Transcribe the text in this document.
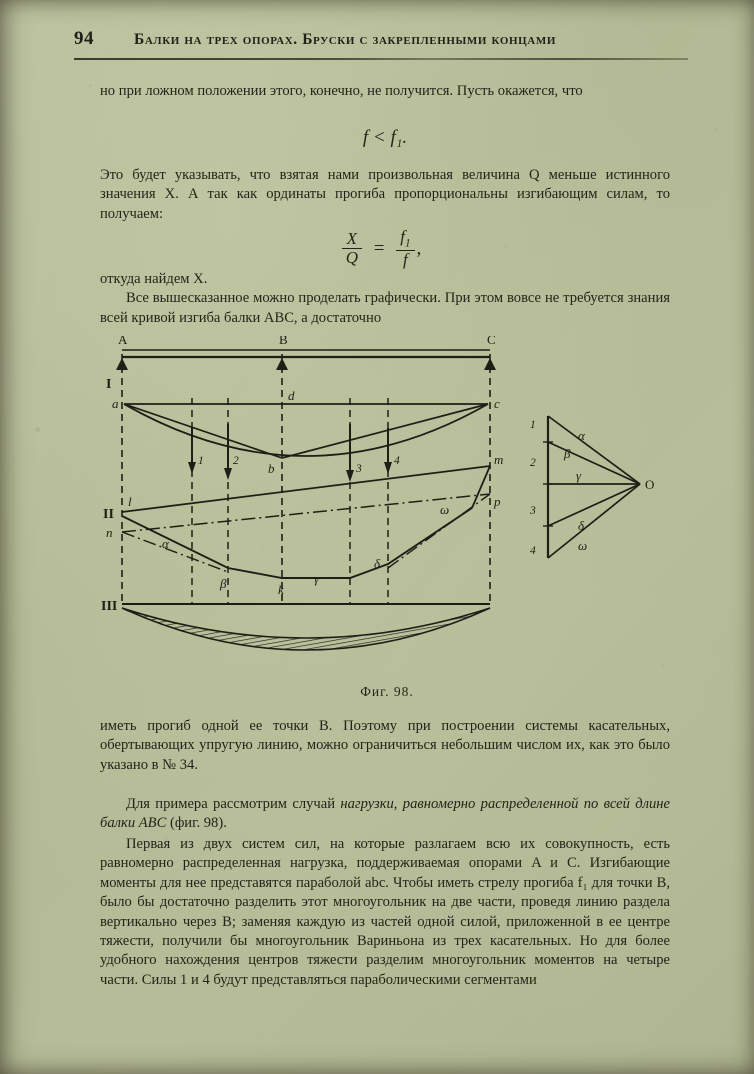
94	Балки на трех опорах. Бруски с закрепленными концами

но при ложном положении этого, конечно, не получится. Пусть окажется, что

f < f₁.

Это будет указывать, что взятая нами произвольная величина Q меньше истинного значения X. А так как ординаты прогиба пропорциональны изгибающим силам, то получаем:

$\frac{X}{Q} = \frac{f_1}{f}$ ,

откуда найдем X.

Все вышесказанное можно проделать графически. При этом вовсе не требуется знания всей кривой изгиба балки ABC, а достаточно

A	B	C
I
II
III
a
d
c
b
1	2
3
4
l
n
m
p
k
α
β	γ
δ
ω
O
1
2
3
4
α
β
γ
δ
ω
Фиг. 98.

иметь прогиб одной ее точки B. Поэтому при построении системы касательных, обертывающих упругую линию, можно ограничиться небольшим числом их, как это было указано в № 34.

Для примера рассмотрим случай нагрузки, равномерно распределенной по всей длине балки ABC (фиг. 98).

Первая из двух систем сил, на которые разлагаем всю их совокупность, есть равномерно распределенная нагрузка, поддерживаемая опорами A и C. Изгибающие моменты для нее представятся параболой abc. Чтобы иметь стрелу прогиба f₁ для точки B, было бы достаточно разделить этот многоугольник на две части, проведя линию раздела вертикально через B; заменяя каждую из частей одной силой, приложенной в ее центре тяжести, получили бы многоугольник Вариньона из трех касательных. Но для более удобного нахождения центров тяжести разделим многоугольник моментов на четыре части. Силы 1 и 4 будут представляться параболическими сегментами
